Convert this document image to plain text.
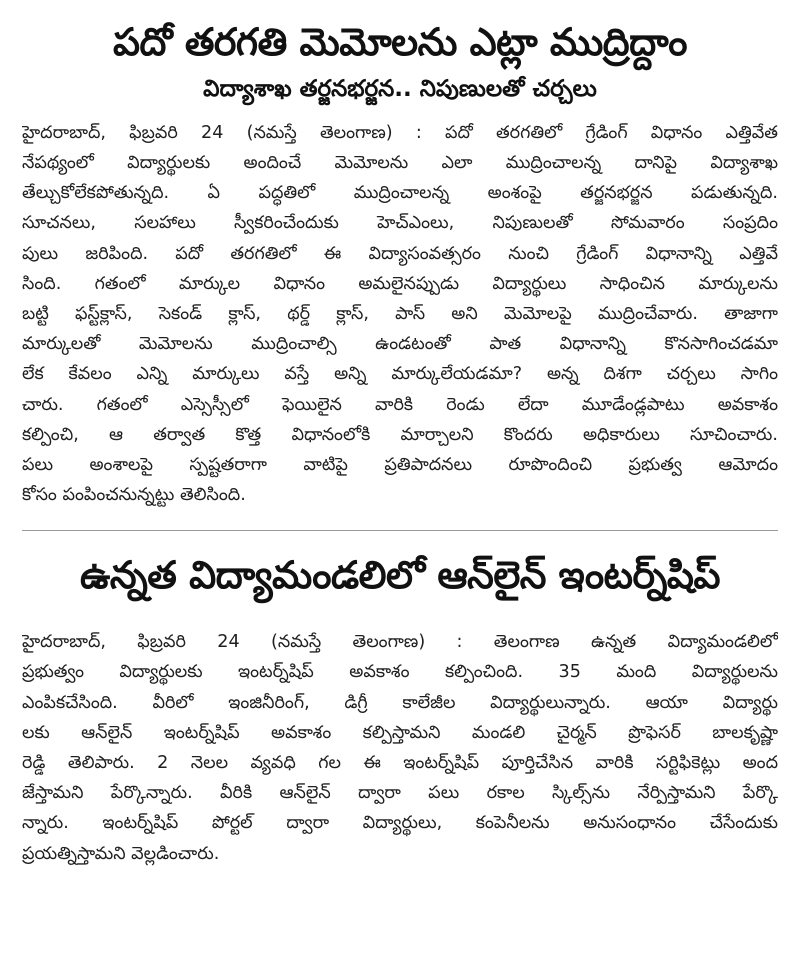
పదో తరగతి మెమోలను ఎట్లా ముద్రిద్దాం
విద్యాశాఖ తర్జనభర్జన.. నిపుణులతో చర్చలు
హైదరాబాద్, ఫిబ్రవరి 24 (నమస్తే తెలంగాణ) : పదో తరగతిలో గ్రేడింగ్ విధానం ఎత్తివేత
నేపథ్యంలో విద్యార్థులకు అందించే మెమోలను ఎలా ముద్రించాలన్న దానిపై విద్యాశాఖ
తేల్చుకోలేకపోతున్నది. ఏ పద్ధతిలో ముద్రించాలన్న అంశంపై తర్జనభర్జన పడుతున్నది.
సూచనలు, సలహాలు స్వీకరించేందుకు హెచ్‌ఎంలు, నిపుణులతో సోమవారం సంప్రదిం
పులు జరిపింది. పదో తరగతిలో ఈ విద్యాసంవత్సరం నుంచి గ్రేడింగ్ విధానాన్ని ఎత్తివే
సింది. గతంలో మార్కుల విధానం అమలైనప్పుడు విద్యార్థులు సాధించిన మార్కులను
బట్టి ఫస్ట్‌క్లాస్, సెకండ్ క్లాస్, థర్డ్ క్లాస్, పాస్ అని మెమోలపై ముద్రించేవారు. తాజాగా
మార్కులతో మెమోలను ముద్రించాల్సి ఉండటంతో పాత విధానాన్ని కొనసాగించడమా
లేక కేవలం ఎన్ని మార్కులు వస్తే అన్ని మార్కులేయడమా? అన్న దిశగా చర్చలు సాగిం
చారు. గతంలో ఎస్సెస్సీలో ఫెయిలైన వారికి రెండు లేదా మూడేండ్లపాటు అవకాశం
కల్పించి, ఆ తర్వాత కొత్త విధానంలోకి మార్చాలని కొందరు అధికారులు సూచించారు.
పలు అంశాలపై స్పష్టతరాగా వాటిపై ప్రతిపాదనలు రూపొందించి ప్రభుత్వ ఆమోదం
కోసం పంపించనున్నట్టు తెలిసింది.
ఉన్నత విద్యామండలిలో ఆన్‌లైన్ ఇంటర్న్‌షిప్
హైదరాబాద్, ఫిబ్రవరి 24 (నమస్తే తెలంగాణ) : తెలంగాణ ఉన్నత విద్యామండలిలో
ప్రభుత్వం విద్యార్థులకు ఇంటర్న్‌షిప్ అవకాశం కల్పించింది. 35 మంది విద్యార్థులను
ఎంపికచేసింది. వీరిలో ఇంజినీరింగ్, డిగ్రీ కాలేజీల విద్యార్థులున్నారు. ఆయా విద్యార్థు
లకు ఆన్‌లైన్ ఇంటర్న్‌షిప్ అవకాశం కల్పిస్తామని మండలి చైర్మన్ ప్రొఫెసర్ బాలకృష్ణా
రెడ్డి తెలిపారు. 2 నెలల వ్యవధి గల ఈ ఇంటర్న్‌షిప్ పూర్తిచేసిన వారికి సర్టిఫికెట్లు అంద
జేస్తామని పేర్కొన్నారు. వీరికి ఆన్‌లైన్ ద్వారా పలు రకాల స్కిల్స్‌ను నేర్పిస్తామని పేర్కొ
న్నారు. ఇంటర్న్‌షిప్ పోర్టల్ ద్వారా విద్యార్థులు, కంపెనీలను అనుసంధానం చేసేందుకు
ప్రయత్నిస్తామని వెల్లడించారు.
